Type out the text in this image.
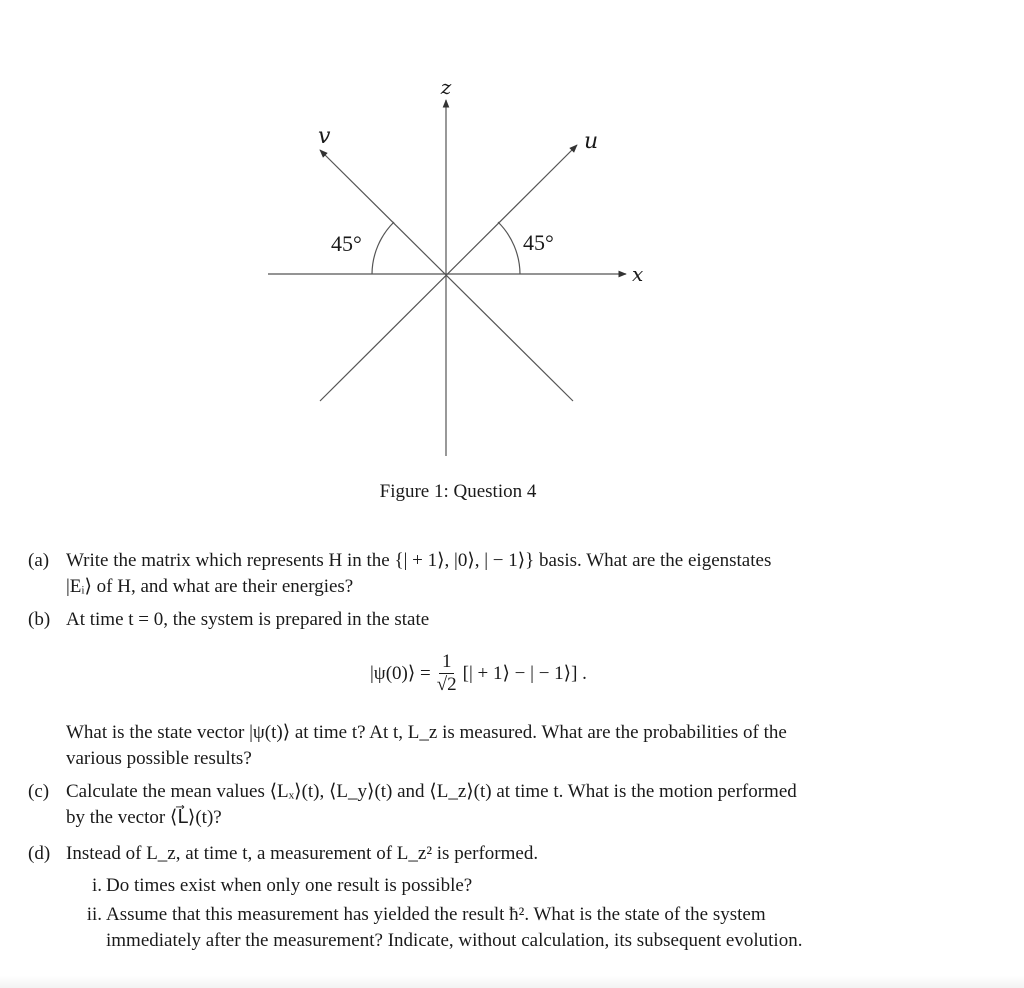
z
x
u
v
45°	45°
Figure 1: Question 4
(a) Write the matrix which represents H in the {| + 1⟩, |0⟩, | − 1⟩} basis. What are the eigenstates
|Eᵢ⟩ of H, and what are their energies?
(b) At time t = 0, the system is prepared in the state
|ψ(0)⟩ = $\frac{1}{√2}$ [| + 1⟩ − | − 1⟩] .
What is the state vector |ψ(t)⟩ at time t? At t, L_z is measured. What are the probabilities of the
various possible results?
(c) Calculate the mean values ⟨Lₓ⟩(t), ⟨L_y⟩(t) and ⟨L_z⟩(t) at time t. What is the motion performed
by the vector ⟨L⃗⟩(t)?
(d) Instead of L_z, at time t, a measurement of L_z² is performed.
i. Do times exist when only one result is possible?
ii. Assume that this measurement has yielded the result ħ². What is the state of the system
immediately after the measurement? Indicate, without calculation, its subsequent evolution.
